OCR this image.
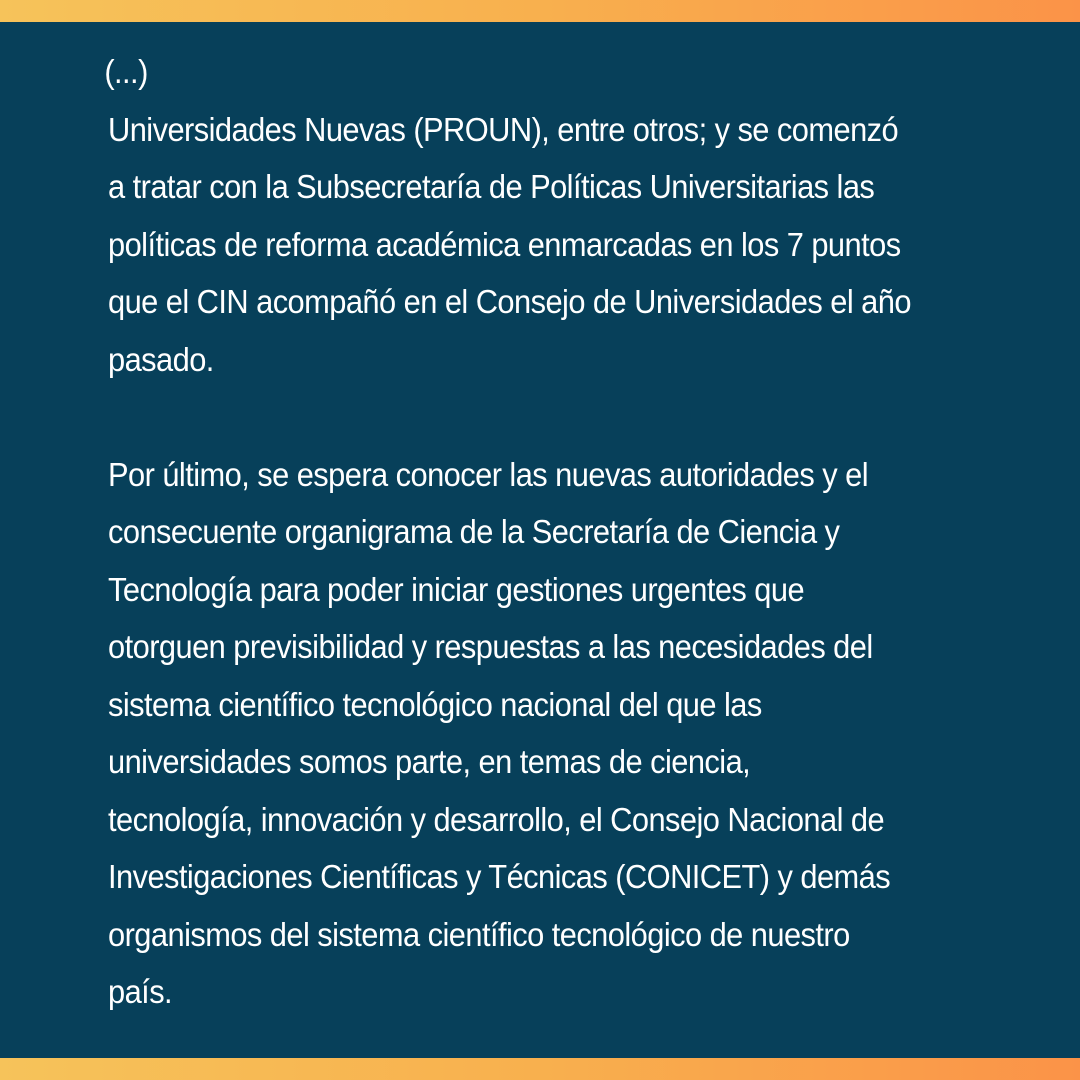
(...)

Universidades Nuevas (PROUN), entre otros; y se comenzó

a tratar con la Subsecretaría de Políticas Universitarias las

políticas de reforma académica enmarcadas en los 7 puntos

que el CIN acompañó en el Consejo de Universidades el año

pasado.

Por último, se espera conocer las nuevas autoridades y el

consecuente organigrama de la Secretaría de Ciencia y

Tecnología para poder iniciar gestiones urgentes que

otorguen previsibilidad y respuestas a las necesidades del

sistema científico tecnológico nacional del que las

universidades somos parte, en temas de ciencia,

tecnología, innovación y desarrollo, el Consejo Nacional de

Investigaciones Científicas y Técnicas (CONICET) y demás

organismos del sistema científico tecnológico de nuestro

país.
